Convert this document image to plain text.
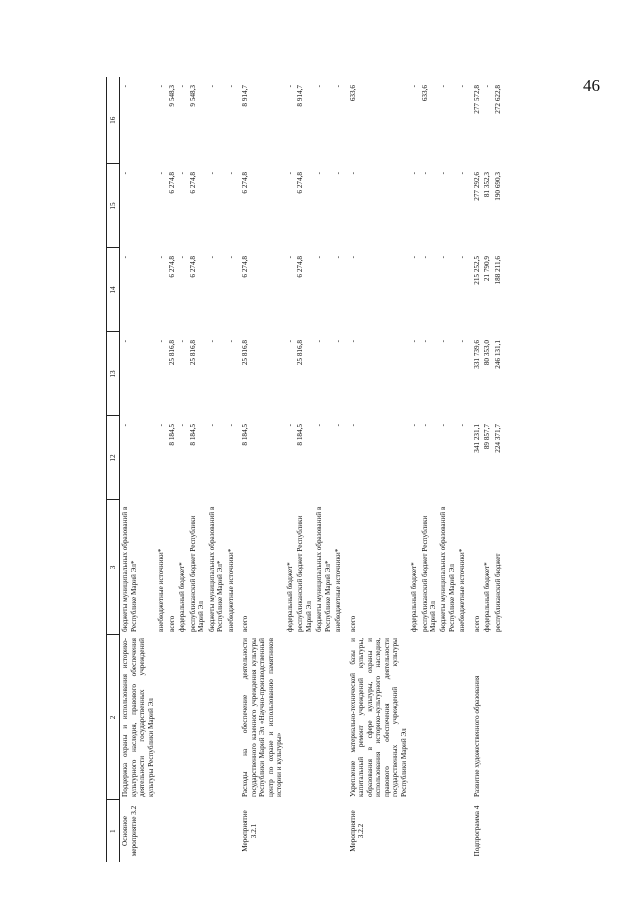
46
1	2	3	12	13	14	15	16
Основное мероприятие 3.2	Поддержка охраны и использования историко-культурного наследия, правового обеспечения деятельности государственных учреждений культуры Республики Марий Эл	бюджеты муниципальных образований в Республике Марий Эл*	-	-	-	-	-
		внебюджетные источники*	-	-	-	-	-
		всего	8 184,5	25 816,8	6 274,8	6 274,8	9 548,3
		федеральный бюджет*	-	-	-	-	-
		республиканский бюджет Республики Марий Эл	8 184,5	25 816,8	6 274,8	6 274,8	9 548,3
		бюджеты муниципальных образований в Республике Марий Эл*	-	-	-	-	-
		внебюджетные источники*	-	-	-	-	-

Мероприятие 3.2.1	Расходы на обеспечение деятельности государственного казенного учреждения культуры Республики Марий Эл «Научно-производственный центр по охране и использованию памятников истории и культуры»	всего	8 184,5	25 816,8	6 274,8	6 274,8	8 914,7
		федеральный бюджет*	-	-	-	-	-
		республиканский бюджет Республики Марий Эл	8 184,5	25 816,8	6 274,8	6 274,8	8 914,7
		бюджеты муниципальных образований в Республике Марий Эл*	-	-	-	-	-
		внебюджетные источники*	-	-	-	-	-

Мероприятие 3.2.2	Укрепление материально-технической базы и капитальный ремонт учреждений культуры, образования в сфере культуры, охраны и использования историко-культурного наследия, правового обеспечения деятельности государственных учреждений культуры Республики Марий Эл	всего	-	-	-	-	633,6
		федеральный бюджет*	-	-	-	-	-
		республиканский бюджет Республики Марий Эл	-	-	-	-	633,6
		бюджеты муниципальных образований в Республике Марий Эл	-	-	-	-	-
		внебюджетные источники*	-	-	-	-	-

Подпрограмма 4	Развитие художественного образования	всего	341 231,1	331 739,6	215 252,5	277 292,6	277 572,8
		федеральный бюджет*	89 857,7	80 353,0	21 790,9	81 352,3	-
		республиканский бюджет	224 371,7	246 131,1	188 211,6	190 690,3	272 622,8
